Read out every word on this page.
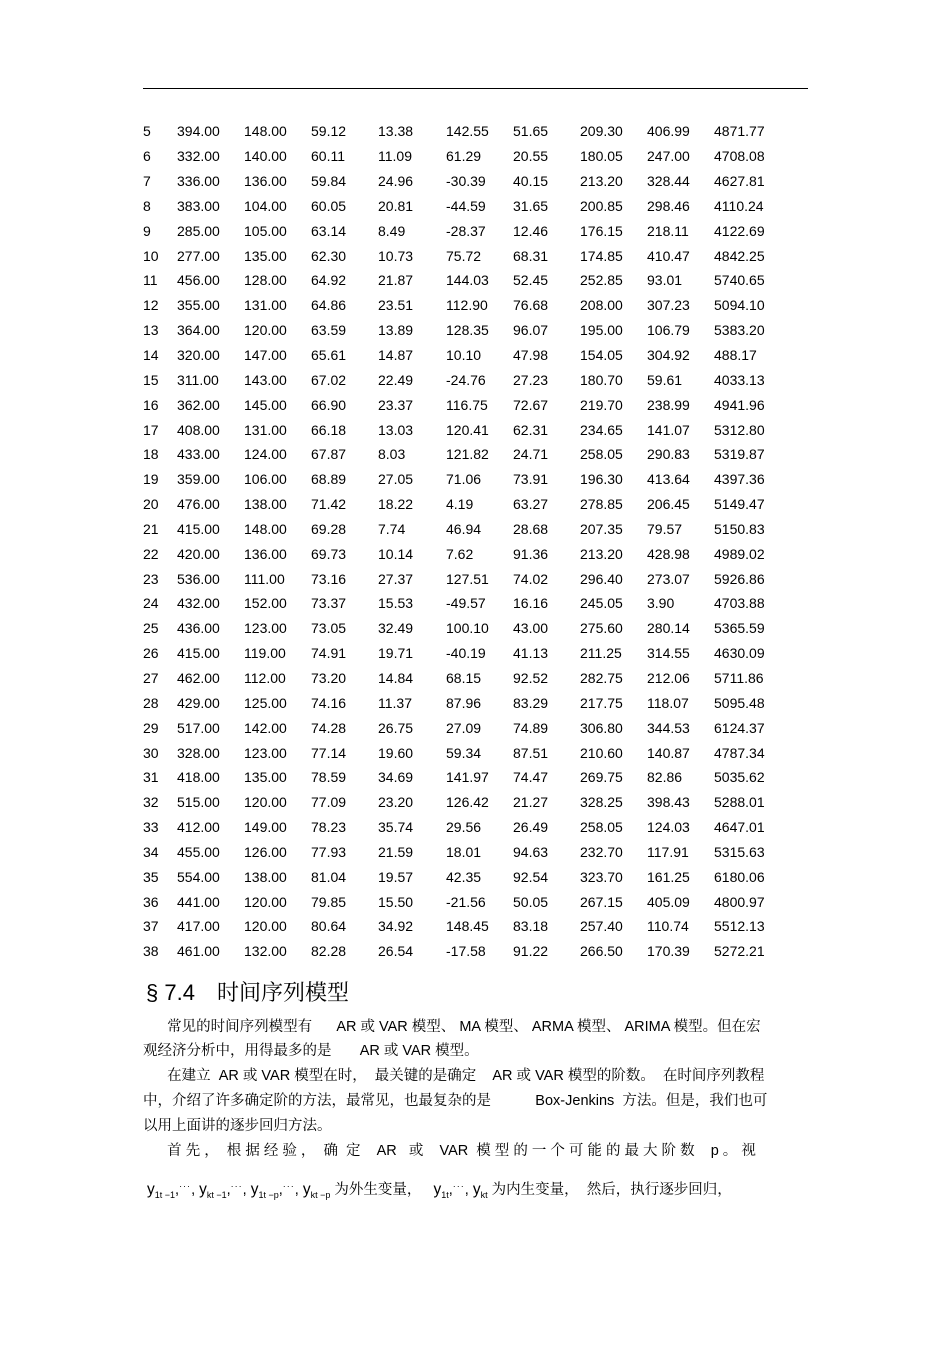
5	394.00	148.00	59.12	13.38	142.55	51.65	209.30	406.99	4871.77
6	332.00	140.00	60.11	11.09	61.29	20.55	180.05	247.00	4708.08
7	336.00	136.00	59.84	24.96	-30.39	40.15	213.20	328.44	4627.81
8	383.00	104.00	60.05	20.81	-44.59	31.65	200.85	298.46	4110.24
9	285.00	105.00	63.14	8.49	-28.37	12.46	176.15	218.11	4122.69
10	277.00	135.00	62.30	10.73	75.72	68.31	174.85	410.47	4842.25
11	456.00	128.00	64.92	21.87	144.03	52.45	252.85	93.01	5740.65
12	355.00	131.00	64.86	23.51	112.90	76.68	208.00	307.23	5094.10
13	364.00	120.00	63.59	13.89	128.35	96.07	195.00	106.79	5383.20
14	320.00	147.00	65.61	14.87	10.10	47.98	154.05	304.92	488.17
15	311.00	143.00	67.02	22.49	-24.76	27.23	180.70	59.61	4033.13
16	362.00	145.00	66.90	23.37	116.75	72.67	219.70	238.99	4941.96
17	408.00	131.00	66.18	13.03	120.41	62.31	234.65	141.07	5312.80
18	433.00	124.00	67.87	8.03	121.82	24.71	258.05	290.83	5319.87
19	359.00	106.00	68.89	27.05	71.06	73.91	196.30	413.64	4397.36
20	476.00	138.00	71.42	18.22	4.19	63.27	278.85	206.45	5149.47
21	415.00	148.00	69.28	7.74	46.94	28.68	207.35	79.57	5150.83
22	420.00	136.00	69.73	10.14	7.62	91.36	213.20	428.98	4989.02
23	536.00	111.00	73.16	27.37	127.51	74.02	296.40	273.07	5926.86
24	432.00	152.00	73.37	15.53	-49.57	16.16	245.05	3.90	4703.88
25	436.00	123.00	73.05	32.49	100.10	43.00	275.60	280.14	5365.59
26	415.00	119.00	74.91	19.71	-40.19	41.13	211.25	314.55	4630.09
27	462.00	112.00	73.20	14.84	68.15	92.52	282.75	212.06	5711.86
28	429.00	125.00	74.16	11.37	87.96	83.29	217.75	118.07	5095.48
29	517.00	142.00	74.28	26.75	27.09	74.89	306.80	344.53	6124.37
30	328.00	123.00	77.14	19.60	59.34	87.51	210.60	140.87	4787.34
31	418.00	135.00	78.59	34.69	141.97	74.47	269.75	82.86	5035.62
32	515.00	120.00	77.09	23.20	126.42	21.27	328.25	398.43	5288.01
33	412.00	149.00	78.23	35.74	29.56	26.49	258.05	124.03	4647.01
34	455.00	126.00	77.93	21.59	18.01	94.63	232.70	117.91	5315.63
35	554.00	138.00	81.04	19.57	42.35	92.54	323.70	161.25	6180.06
36	441.00	120.00	79.85	15.50	-21.56	50.05	267.15	405.09	4800.97
37	417.00	120.00	80.64	34.92	148.45	83.18	257.40	110.74	5512.13
38	461.00	132.00	82.28	26.54	-17.58	91.22	266.50	170.39	5272.21
§ 7.4 时间序列模型
常见的时间序列模型有      AR 或 VAR 模型、 MA 模型、 ARMA 模型、 ARIMA 模型。但在宏
观经济分析中，用得最多的是       AR 或 VAR 模型。
在建立  AR 或 VAR 模型在时，  最关键的是确定    AR 或 VAR 模型的阶数。  在时间序列教程
中，介绍了许多确定阶的方法，最常见，也最复杂的是           Box-Jenkins  方法。但是，我们也可
以用上面讲的逐步回归方法。
首 先 ，  根 据 经 验 ，  确  定    AR   或    VAR  模 型 的 一 个 可 能 的 最 大 阶 数    p 。 视
$y_{1t -1},^{\cdot\cdot\cdot}$, $y_{kt -1},^{\cdot\cdot\cdot}$, $y_{1t -p},^{\cdot\cdot\cdot}$, $y_{kt -p}$ 为外生变量，   $y_{1t},^{\cdot\cdot\cdot}$, $y_{kt}$ 为内生变量，  然后，执行逐步回归，
